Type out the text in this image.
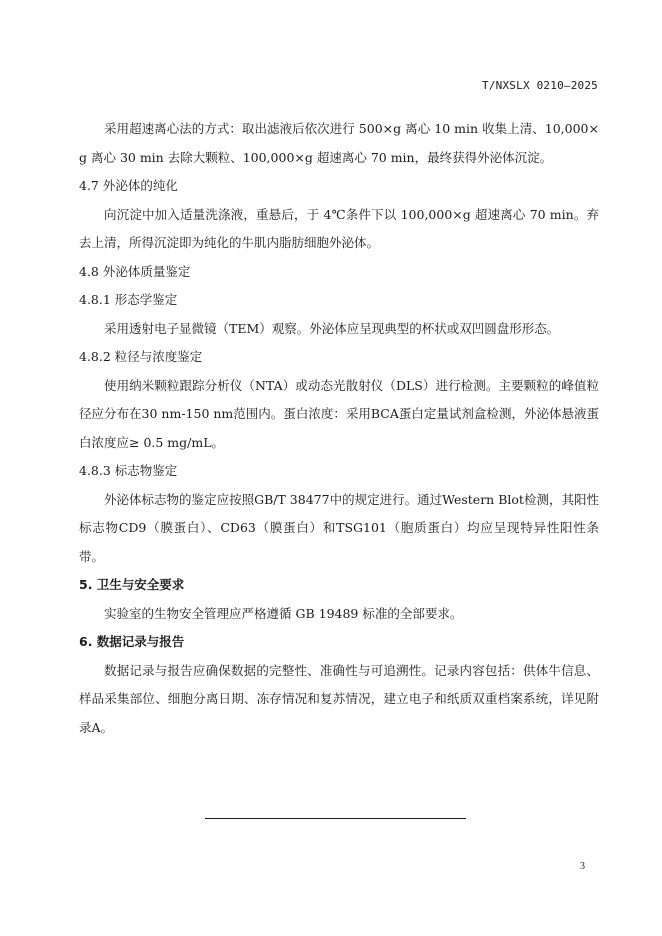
T/NXSLX 0210—2025

采用超速离心法的方式：取出滤液后依次进行 500×g 离心 10 min 收集上清、10,000×g 离心 30 min 去除大颗粒、100,000×g 超速离心 70 min，最终获得外泌体沉淀。

4.7 外泌体的纯化

向沉淀中加入适量洗涤液，重悬后，于 4℃条件下以 100,000×g 超速离心 70 min。弃去上清，所得沉淀即为纯化的牛肌内脂肪细胞外泌体。

4.8 外泌体质量鉴定

4.8.1 形态学鉴定

采用透射电子显微镜（TEM）观察。外泌体应呈现典型的杯状或双凹圆盘形形态。

4.8.2 粒径与浓度鉴定

使用纳米颗粒跟踪分析仪（NTA）或动态光散射仪（DLS）进行检测。主要颗粒的峰值粒径应分布在30 nm-150 nm范围内。蛋白浓度：采用BCA蛋白定量试剂盒检测，外泌体悬液蛋白浓度应≥ 0.5 mg/mL。

4.8.3 标志物鉴定

外泌体标志物的鉴定应按照GB/T 38477中的规定进行。通过Western Blot检测，其阳性标志物CD9（膜蛋白）、CD63（膜蛋白）和TSG101（胞质蛋白）均应呈现特异性阳性条带。

5. 卫生与安全要求

实验室的生物安全管理应严格遵循 GB 19489 标准的全部要求。

6. 数据记录与报告

数据记录与报告应确保数据的完整性、准确性与可追溯性。记录内容包括：供体牛信息、样品采集部位、细胞分离日期、冻存情况和复苏情况，建立电子和纸质双重档案系统，详见附录A。

3
